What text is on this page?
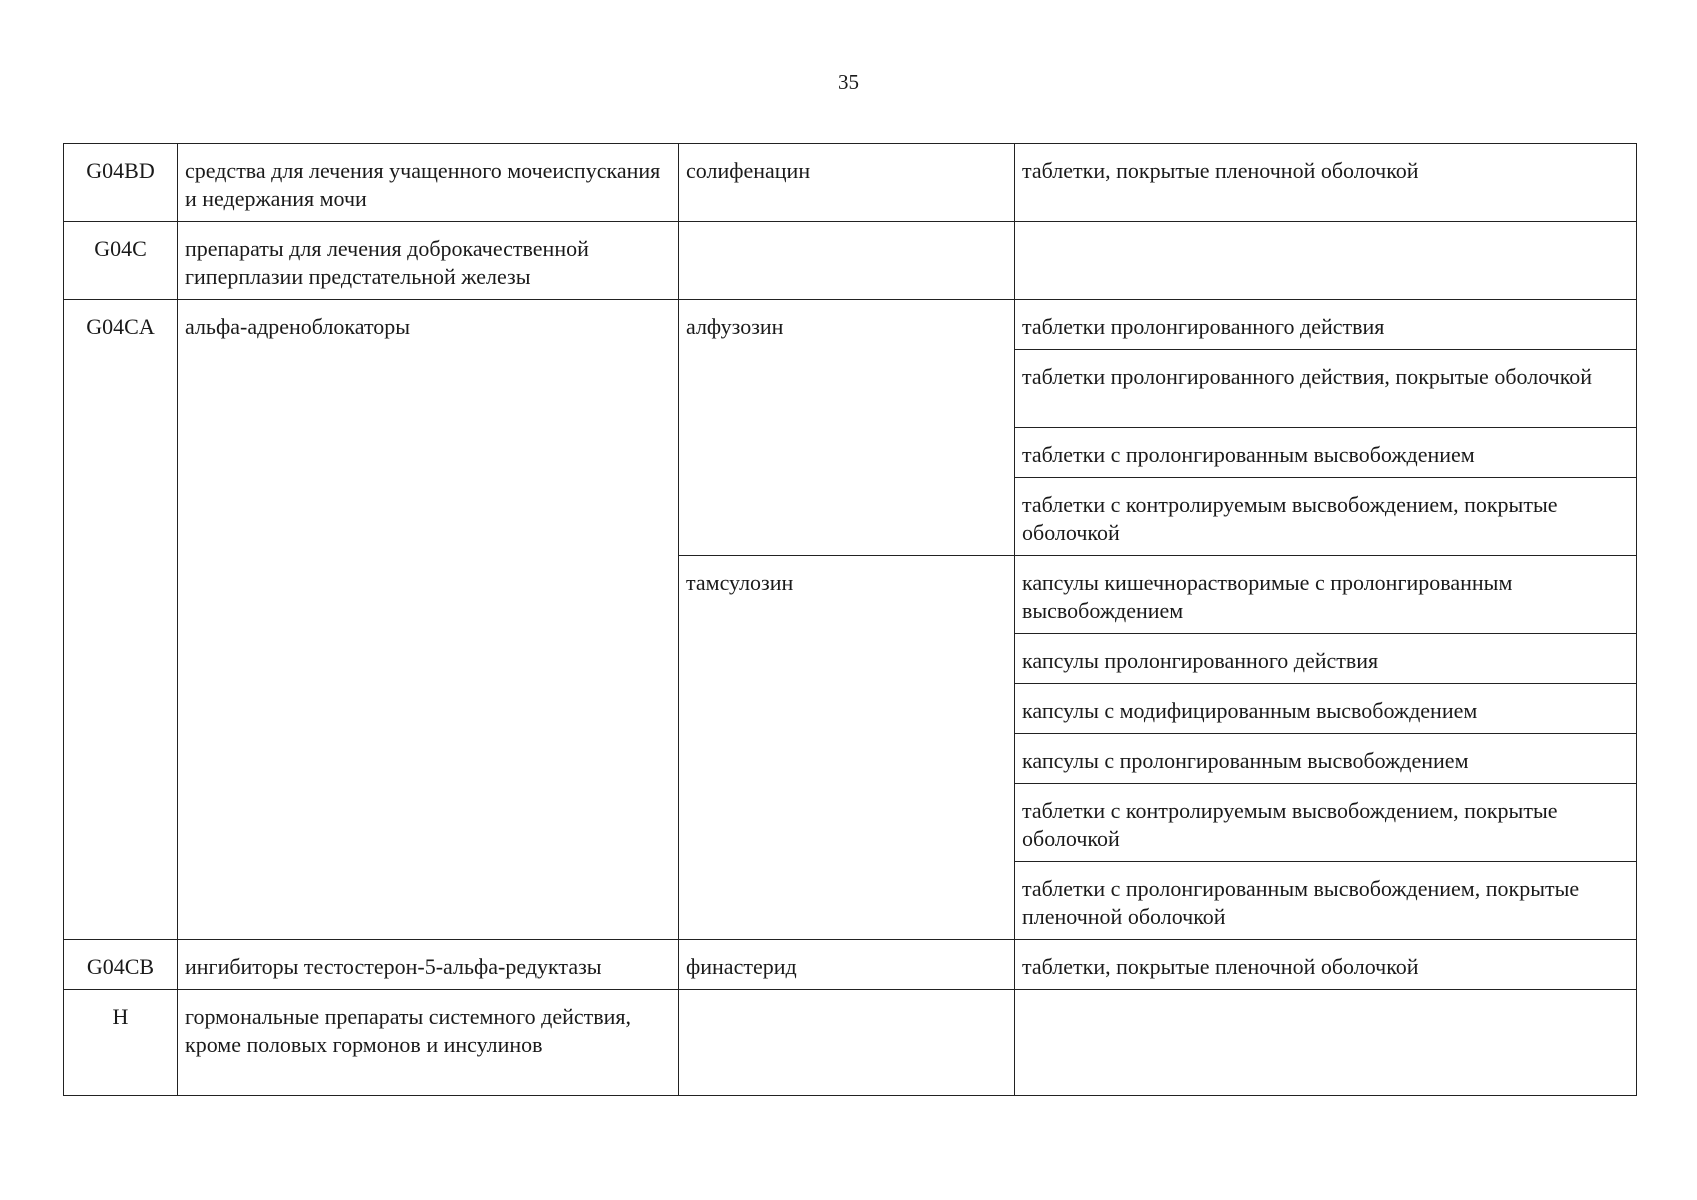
35
G04BD	средства для лечения учащенного мочеиспускания и недержания мочи	солифенацин	таблетки, покрытые пленочной оболочкой
G04C	препараты для лечения доброкачественной гиперплазии предстательной железы		
G04CA	альфа-адреноблокаторы	алфузозин	таблетки пролонгированного действия
			таблетки пролонгированного действия, покрытые оболочкой
			таблетки с пролонгированным высвобождением
			таблетки с контролируемым высвобождением, покрытые оболочкой
		тамсулозин	капсулы кишечнорастворимые с пролонгированным высвобождением
			капсулы пролонгированного действия
			капсулы с модифицированным высвобождением
			капсулы с пролонгированным высвобождением
			таблетки с контролируемым высвобождением, покрытые оболочкой
			таблетки с пролонгированным высвобождением, покрытые пленочной оболочкой
G04CB	ингибиторы тестостерон-5-альфа-редуктазы	финастерид	таблетки, покрытые пленочной оболочкой
H	гормональные препараты системного действия, кроме половых гормонов и инсулинов		
